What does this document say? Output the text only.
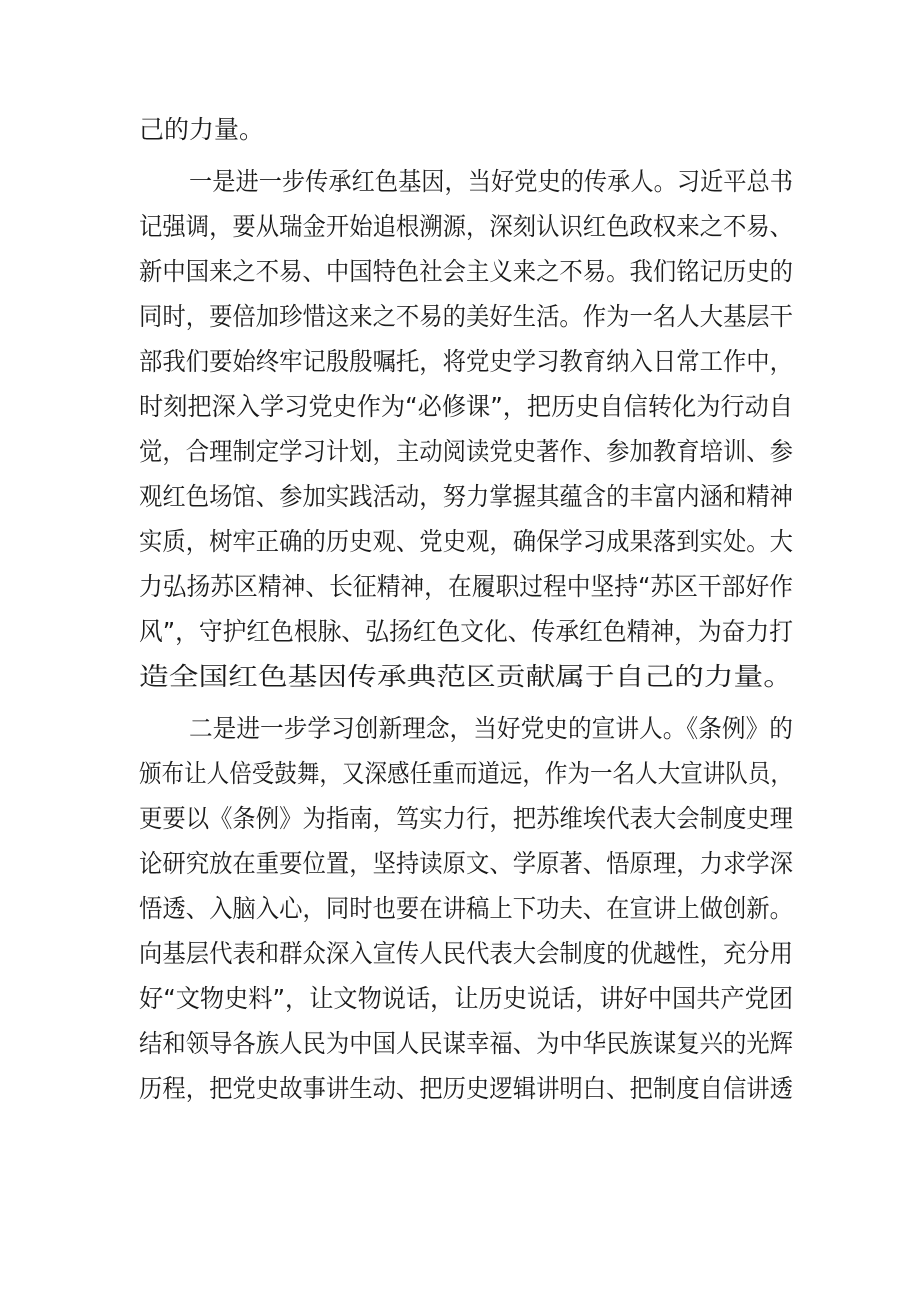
己的力量。
一是进一步传承红色基因，当好党史的传承人。习近平总书
记强调，要从瑞金开始追根溯源，深刻认识红色政权来之不易、
新中国来之不易、中国特色社会主义来之不易。我们铭记历史的
同时，要倍加珍惜这来之不易的美好生活。作为一名人大基层干
部我们要始终牢记殷殷嘱托，将党史学习教育纳入日常工作中，
时刻把深入学习党史作为“必修课”，把历史自信转化为行动自
觉，合理制定学习计划，主动阅读党史著作、参加教育培训、参
观红色场馆、参加实践活动，努力掌握其蕴含的丰富内涵和精神
实质，树牢正确的历史观、党史观，确保学习成果落到实处。大
力弘扬苏区精神、长征精神，在履职过程中坚持“苏区干部好作
风”，守护红色根脉、弘扬红色文化、传承红色精神，为奋力打
造全国红色基因传承典范区贡献属于自己的力量。
二是进一步学习创新理念，当好党史的宣讲人。《条例》的
颁布让人倍受鼓舞，又深感任重而道远，作为一名人大宣讲队员，
更要以《条例》为指南，笃实力行，把苏维埃代表大会制度史理
论研究放在重要位置，坚持读原文、学原著、悟原理，力求学深
悟透、入脑入心，同时也要在讲稿上下功夫、在宣讲上做创新。
向基层代表和群众深入宣传人民代表大会制度的优越性，充分用
好“文物史料”，让文物说话，让历史说话，讲好中国共产党团
结和领导各族人民为中国人民谋幸福、为中华民族谋复兴的光辉
历程，把党史故事讲生动、把历史逻辑讲明白、把制度自信讲透
